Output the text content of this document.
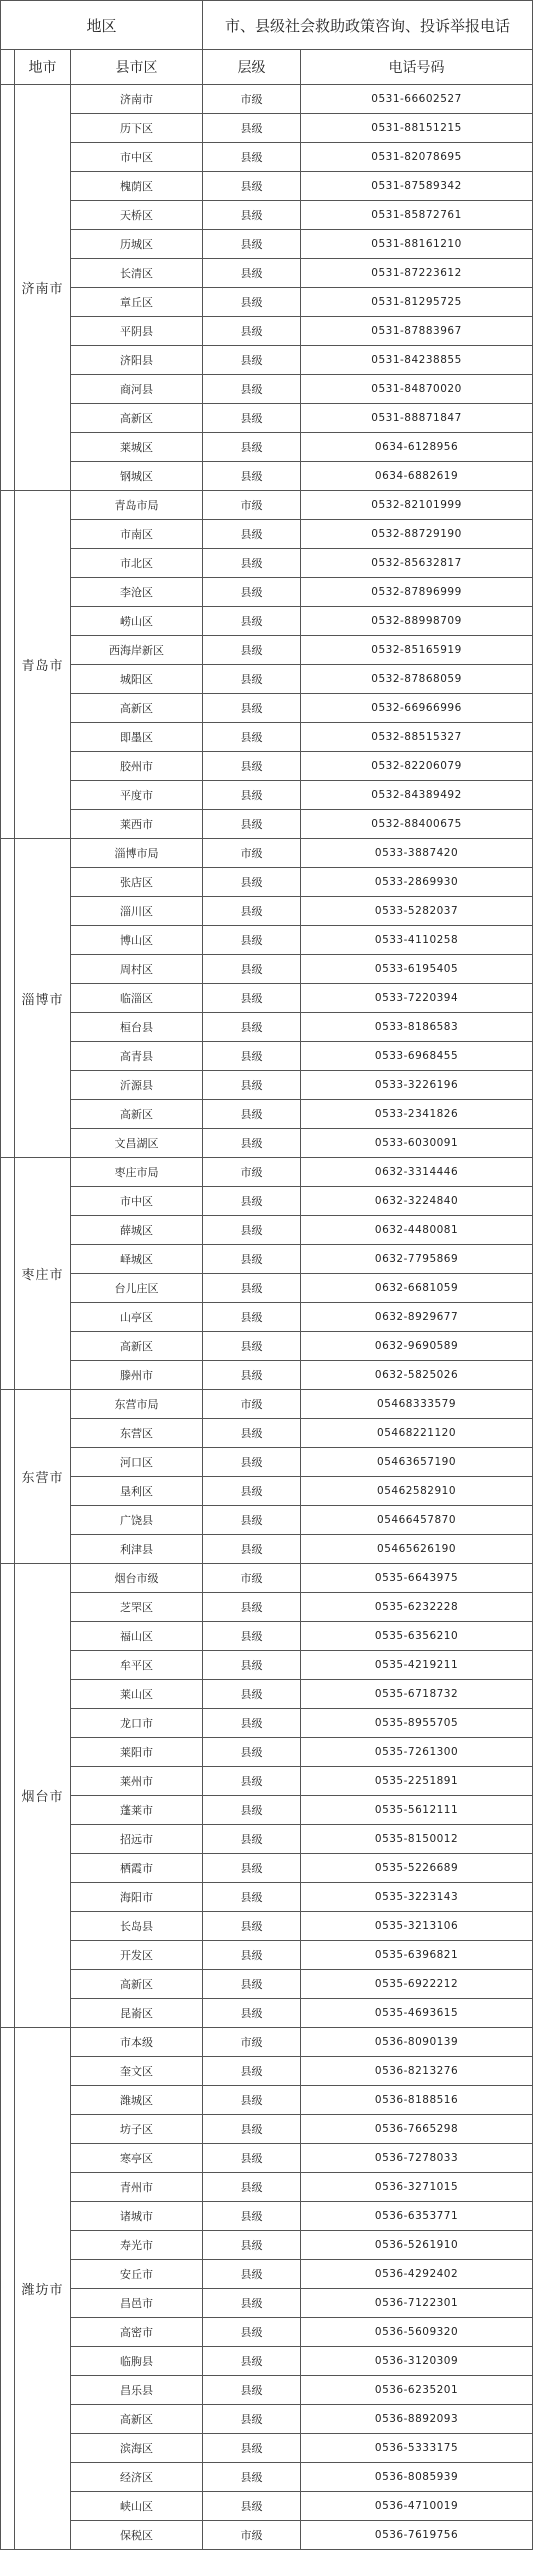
地区			市、县级社会救助政策咨询、投诉举报电话	
	地市	县市区	层级	电话号码
	济南市	济南市	市级	0531-66602527
		历下区	县级	0531-88151215
		市中区	县级	0531-82078695
		槐荫区	县级	0531-87589342
		天桥区	县级	0531-85872761
		历城区	县级	0531-88161210
		长清区	县级	0531-87223612
		章丘区	县级	0531-81295725
		平阴县	县级	0531-87883967
		济阳县	县级	0531-84238855
		商河县	县级	0531-84870020
		高新区	县级	0531-88871847
		莱城区	县级	0634-6128956
		钢城区	县级	0634-6882619
	青岛市	青岛市局	市级	0532-82101999
		市南区	县级	0532-88729190
		市北区	县级	0532-85632817
		李沧区	县级	0532-87896999
		崂山区	县级	0532-88998709
		西海岸新区	县级	0532-85165919
		城阳区	县级	0532-87868059
		高新区	县级	0532-66966996
		即墨区	县级	0532-88515327
		胶州市	县级	0532-82206079
		平度市	县级	0532-84389492
		莱西市	县级	0532-88400675
	淄博市	淄博市局	市级	0533-3887420
		张店区	县级	0533-2869930
		淄川区	县级	0533-5282037
		博山区	县级	0533-4110258
		周村区	县级	0533-6195405
		临淄区	县级	0533-7220394
		桓台县	县级	0533-8186583
		高青县	县级	0533-6968455
		沂源县	县级	0533-3226196
		高新区	县级	0533-2341826
		文昌湖区	县级	0533-6030091
	枣庄市	枣庄市局	市级	0632-3314446
		市中区	县级	0632-3224840
		薛城区	县级	0632-4480081
		峄城区	县级	0632-7795869
		台儿庄区	县级	0632-6681059
		山亭区	县级	0632-8929677
		高新区	县级	0632-9690589
		滕州市	县级	0632-5825026
	东营市	东营市局	市级	05468333579
		东营区	县级	05468221120
		河口区	县级	05463657190
		垦利区	县级	05462582910
		广饶县	县级	05466457870
		利津县	县级	05465626190
	烟台市	烟台市级	市级	0535-6643975
		芝罘区	县级	0535-6232228
		福山区	县级	0535-6356210
		牟平区	县级	0535-4219211
		莱山区	县级	0535-6718732
		龙口市	县级	0535-8955705
		莱阳市	县级	0535-7261300
		莱州市	县级	0535-2251891
		蓬莱市	县级	0535-5612111
		招远市	县级	0535-8150012
		栖霞市	县级	0535-5226689
		海阳市	县级	0535-3223143
		长岛县	县级	0535-3213106
		开发区	县级	0535-6396821
		高新区	县级	0535-6922212
		昆嵛区	县级	0535-4693615
	潍坊市	市本级	市级	0536-8090139
		奎文区	县级	0536-8213276
		潍城区	县级	0536-8188516
		坊子区	县级	0536-7665298
		寒亭区	县级	0536-7278033
		青州市	县级	0536-3271015
		诸城市	县级	0536-6353771
		寿光市	县级	0536-5261910
		安丘市	县级	0536-4292402
		昌邑市	县级	0536-7122301
		高密市	县级	0536-5609320
		临朐县	县级	0536-3120309
		昌乐县	县级	0536-6235201
		高新区	县级	0536-8892093
		滨海区	县级	0536-5333175
		经济区	县级	0536-8085939
		峡山区	县级	0536-4710019
		保税区	市级	0536-7619756
